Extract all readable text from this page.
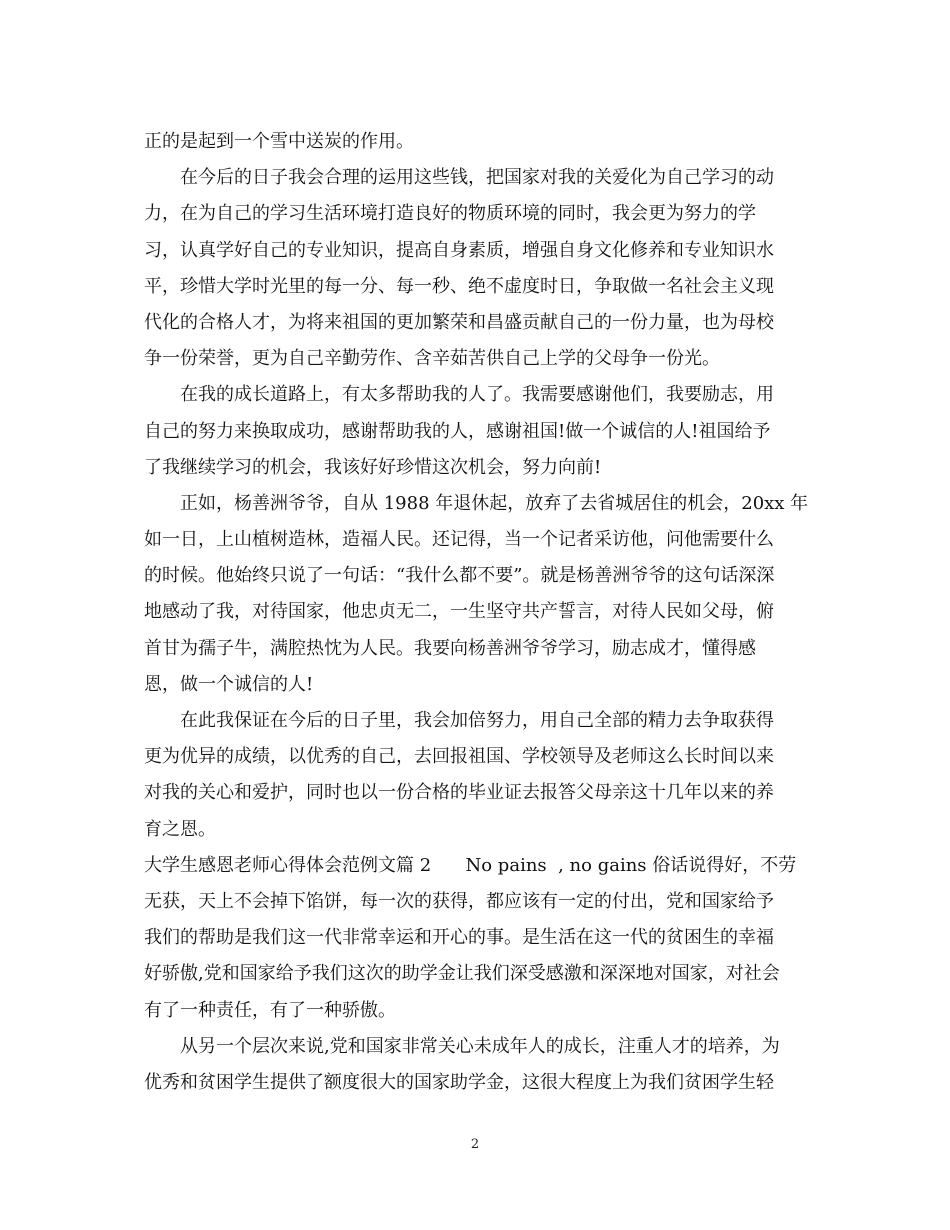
正的是起到一个雪中送炭的作用。
在今后的日子我会合理的运用这些钱，把国家对我的关爱化为自己学习的动
力，在为自己的学习生活环境打造良好的物质环境的同时，我会更为努力的学
习，认真学好自己的专业知识，提高自身素质，增强自身文化修养和专业知识水
平，珍惜大学时光里的每一分、每一秒、绝不虚度时日，争取做一名社会主义现
代化的合格人才，为将来祖国的更加繁荣和昌盛贡献自己的一份力量，也为母校
争一份荣誉，更为自己辛勤劳作、含辛茹苦供自己上学的父母争一份光。
在我的成长道路上，有太多帮助我的人了。我需要感谢他们，我要励志，用
自己的努力来换取成功，感谢帮助我的人，感谢祖国!做一个诚信的人!祖国给予
了我继续学习的机会，我该好好珍惜这次机会，努力向前!
正如，杨善洲爷爷，自从 1988 年退休起，放弃了去省城居住的机会，20xx 年
如一日，上山植树造林，造福人民。还记得，当一个记者采访他，问他需要什么
的时候。他始终只说了一句话：“我什么都不要”。就是杨善洲爷爷的这句话深深
地感动了我，对待国家，他忠贞无二，一生坚守共产誓言，对待人民如父母，俯
首甘为孺子牛，满腔热忱为人民。我要向杨善洲爷爷学习，励志成才，懂得感
恩，做一个诚信的人!
在此我保证在今后的日子里，我会加倍努力，用自己全部的精力去争取获得
更为优异的成绩，以优秀的自己，去回报祖国、学校领导及老师这么长时间以来
对我的关心和爱护，同时也以一份合格的毕业证去报答父母亲这十几年以来的养
育之恩。
大学生感恩老师心得体会范例文篇 2      No pains  , no gains 俗话说得好，不劳
无获，天上不会掉下馅饼，每一次的获得，都应该有一定的付出，党和国家给予
我们的帮助是我们这一代非常幸运和开心的事。是生活在这一代的贫困生的幸福
好骄傲,党和国家给予我们这次的助学金让我们深受感激和深深地对国家，对社会
有了一种责任，有了一种骄傲。
从另一个层次来说,党和国家非常关心未成年人的成长，注重人才的培养，为
优秀和贫困学生提供了额度很大的国家助学金，这很大程度上为我们贫困学生轻
2
